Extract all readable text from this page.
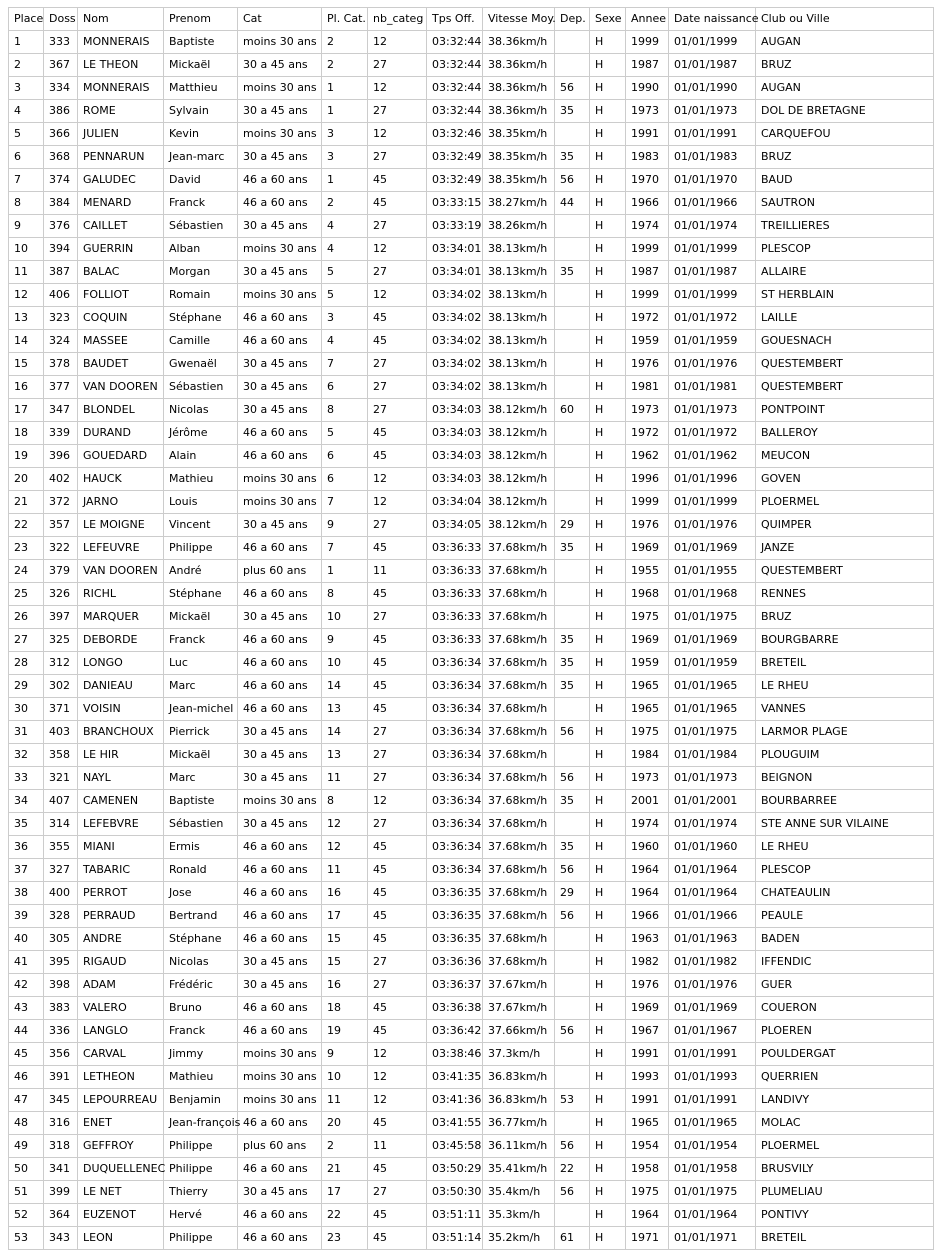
Place	Doss	Nom	Prenom	Cat	Pl. Cat.	nb_categ	Tps Off.	Vitesse Moy.	Dep.	Sexe	Annee	Date naissance	Club ou Ville
1	333	MONNERAIS	Baptiste	moins 30 ans	2	12	03:32:44	38.36km/h		H	1999	01/01/1999	AUGAN
2	367	LE THEON	Mickaël	30 a 45 ans	2	27	03:32:44	38.36km/h		H	1987	01/01/1987	BRUZ
3	334	MONNERAIS	Matthieu	moins 30 ans	1	12	03:32:44	38.36km/h	56	H	1990	01/01/1990	AUGAN
4	386	ROME	Sylvain	30 a 45 ans	1	27	03:32:44	38.36km/h	35	H	1973	01/01/1973	DOL DE BRETAGNE
5	366	JULIEN	Kevin	moins 30 ans	3	12	03:32:46	38.35km/h		H	1991	01/01/1991	CARQUEFOU
6	368	PENNARUN	Jean-marc	30 a 45 ans	3	27	03:32:49	38.35km/h	35	H	1983	01/01/1983	BRUZ
7	374	GALUDEC	David	46 a 60 ans	1	45	03:32:49	38.35km/h	56	H	1970	01/01/1970	BAUD
8	384	MENARD	Franck	46 a 60 ans	2	45	03:33:15	38.27km/h	44	H	1966	01/01/1966	SAUTRON
9	376	CAILLET	Sébastien	30 a 45 ans	4	27	03:33:19	38.26km/h		H	1974	01/01/1974	TREILLIERES
10	394	GUERRIN	Alban	moins 30 ans	4	12	03:34:01	38.13km/h		H	1999	01/01/1999	PLESCOP
11	387	BALAC	Morgan	30 a 45 ans	5	27	03:34:01	38.13km/h	35	H	1987	01/01/1987	ALLAIRE
12	406	FOLLIOT	Romain	moins 30 ans	5	12	03:34:02	38.13km/h		H	1999	01/01/1999	ST HERBLAIN
13	323	COQUIN	Stéphane	46 a 60 ans	3	45	03:34:02	38.13km/h		H	1972	01/01/1972	LAILLE
14	324	MASSEE	Camille	46 a 60 ans	4	45	03:34:02	38.13km/h		H	1959	01/01/1959	GOUESNACH
15	378	BAUDET	Gwenaël	30 a 45 ans	7	27	03:34:02	38.13km/h		H	1976	01/01/1976	QUESTEMBERT
16	377	VAN DOOREN	Sébastien	30 a 45 ans	6	27	03:34:02	38.13km/h		H	1981	01/01/1981	QUESTEMBERT
17	347	BLONDEL	Nicolas	30 a 45 ans	8	27	03:34:03	38.12km/h	60	H	1973	01/01/1973	PONTPOINT
18	339	DURAND	Jérôme	46 a 60 ans	5	45	03:34:03	38.12km/h		H	1972	01/01/1972	BALLEROY
19	396	GOUEDARD	Alain	46 a 60 ans	6	45	03:34:03	38.12km/h		H	1962	01/01/1962	MEUCON
20	402	HAUCK	Mathieu	moins 30 ans	6	12	03:34:03	38.12km/h		H	1996	01/01/1996	GOVEN
21	372	JARNO	Louis	moins 30 ans	7	12	03:34:04	38.12km/h		H	1999	01/01/1999	PLOERMEL
22	357	LE MOIGNE	Vincent	30 a 45 ans	9	27	03:34:05	38.12km/h	29	H	1976	01/01/1976	QUIMPER
23	322	LEFEUVRE	Philippe	46 a 60 ans	7	45	03:36:33	37.68km/h	35	H	1969	01/01/1969	JANZE
24	379	VAN DOOREN	André	plus 60 ans	1	11	03:36:33	37.68km/h		H	1955	01/01/1955	QUESTEMBERT
25	326	RICHL	Stéphane	46 a 60 ans	8	45	03:36:33	37.68km/h		H	1968	01/01/1968	RENNES
26	397	MARQUER	Mickaël	30 a 45 ans	10	27	03:36:33	37.68km/h		H	1975	01/01/1975	BRUZ
27	325	DEBORDE	Franck	46 a 60 ans	9	45	03:36:33	37.68km/h	35	H	1969	01/01/1969	BOURGBARRE
28	312	LONGO	Luc	46 a 60 ans	10	45	03:36:34	37.68km/h	35	H	1959	01/01/1959	BRETEIL
29	302	DANIEAU	Marc	46 a 60 ans	14	45	03:36:34	37.68km/h	35	H	1965	01/01/1965	LE RHEU
30	371	VOISIN	Jean-michel	46 a 60 ans	13	45	03:36:34	37.68km/h		H	1965	01/01/1965	VANNES
31	403	BRANCHOUX	Pierrick	30 a 45 ans	14	27	03:36:34	37.68km/h	56	H	1975	01/01/1975	LARMOR PLAGE
32	358	LE HIR	Mickaël	30 a 45 ans	13	27	03:36:34	37.68km/h		H	1984	01/01/1984	PLOUGUIM
33	321	NAYL	Marc	30 a 45 ans	11	27	03:36:34	37.68km/h	56	H	1973	01/01/1973	BEIGNON
34	407	CAMENEN	Baptiste	moins 30 ans	8	12	03:36:34	37.68km/h	35	H	2001	01/01/2001	BOURBARREE
35	314	LEFEBVRE	Sébastien	30 a 45 ans	12	27	03:36:34	37.68km/h		H	1974	01/01/1974	STE ANNE SUR VILAINE
36	355	MIANI	Ermis	46 a 60 ans	12	45	03:36:34	37.68km/h	35	H	1960	01/01/1960	LE RHEU
37	327	TABARIC	Ronald	46 a 60 ans	11	45	03:36:34	37.68km/h	56	H	1964	01/01/1964	PLESCOP
38	400	PERROT	Jose	46 a 60 ans	16	45	03:36:35	37.68km/h	29	H	1964	01/01/1964	CHATEAULIN
39	328	PERRAUD	Bertrand	46 a 60 ans	17	45	03:36:35	37.68km/h	56	H	1966	01/01/1966	PEAULE
40	305	ANDRE	Stéphane	46 a 60 ans	15	45	03:36:35	37.68km/h		H	1963	01/01/1963	BADEN
41	395	RIGAUD	Nicolas	30 a 45 ans	15	27	03:36:36	37.68km/h		H	1982	01/01/1982	IFFENDIC
42	398	ADAM	Frédéric	30 a 45 ans	16	27	03:36:37	37.67km/h		H	1976	01/01/1976	GUER
43	383	VALERO	Bruno	46 a 60 ans	18	45	03:36:38	37.67km/h		H	1969	01/01/1969	COUERON
44	336	LANGLO	Franck	46 a 60 ans	19	45	03:36:42	37.66km/h	56	H	1967	01/01/1967	PLOEREN
45	356	CARVAL	Jimmy	moins 30 ans	9	12	03:38:46	37.3km/h		H	1991	01/01/1991	POULDERGAT
46	391	LETHEON	Mathieu	moins 30 ans	10	12	03:41:35	36.83km/h		H	1993	01/01/1993	QUERRIEN
47	345	LEPOURREAU	Benjamin	moins 30 ans	11	12	03:41:36	36.83km/h	53	H	1991	01/01/1991	LANDIVY
48	316	ENET	Jean-françois	46 a 60 ans	20	45	03:41:55	36.77km/h		H	1965	01/01/1965	MOLAC
49	318	GEFFROY	Philippe	plus 60 ans	2	11	03:45:58	36.11km/h	56	H	1954	01/01/1954	PLOERMEL
50	341	DUQUELLENEC	Philippe	46 a 60 ans	21	45	03:50:29	35.41km/h	22	H	1958	01/01/1958	BRUSVILY
51	399	LE NET	Thierry	30 a 45 ans	17	27	03:50:30	35.4km/h	56	H	1975	01/01/1975	PLUMELIAU
52	364	EUZENOT	Hervé	46 a 60 ans	22	45	03:51:11	35.3km/h		H	1964	01/01/1964	PONTIVY
53	343	LEON	Philippe	46 a 60 ans	23	45	03:51:14	35.2km/h	61	H	1971	01/01/1971	BRETEIL
